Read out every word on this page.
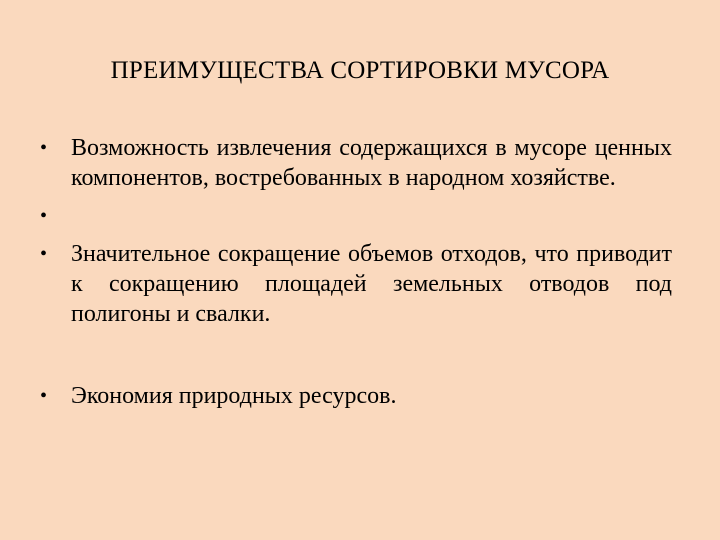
ПРЕИМУЩЕСТВА СОРТИРОВКИ МУСОРА
• Возможность извлечения содержащихся в мусоре ценных компонентов, востребованных в народном хозяйстве.
•
• Значительное сокращение объемов отходов, что приводит к сокращению площадей земельных отводов под полигоны и свалки.
• Экономия природных ресурсов.
